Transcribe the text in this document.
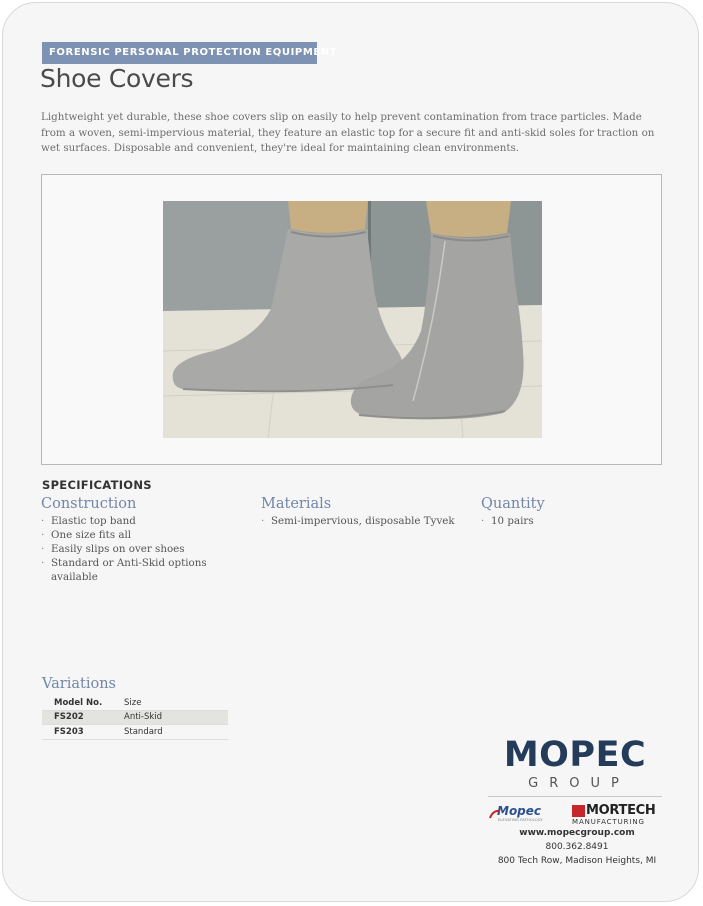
FORENSIC PERSONAL PROTECTION EQUIPMENT
Shoe Covers

Lightweight yet durable, these shoe covers slip on easily to help prevent contamination from trace particles. Made from a woven, semi-impervious material, they feature an elastic top for a secure fit and anti-skid soles for traction on wet surfaces. Disposable and convenient, they're ideal for maintaining clean environments.

SPECIFICATIONS
Construction
· Elastic top band
· One size fits all
· Easily slips on over shoes
· Standard or Anti-Skid options available
Materials
· Semi-impervious, disposable Tyvek
Quantity
· 10 pairs
Variations
Model No.	Size
FS202	Anti-Skid
FS203	Standard
MOPEC
GROUP
Mopec
ELEVATING PATHOLOGY
MORTECH
MANUFACTURING
www.mopecgroup.com
800.362.8491
800 Tech Row, Madison Heights, MI
